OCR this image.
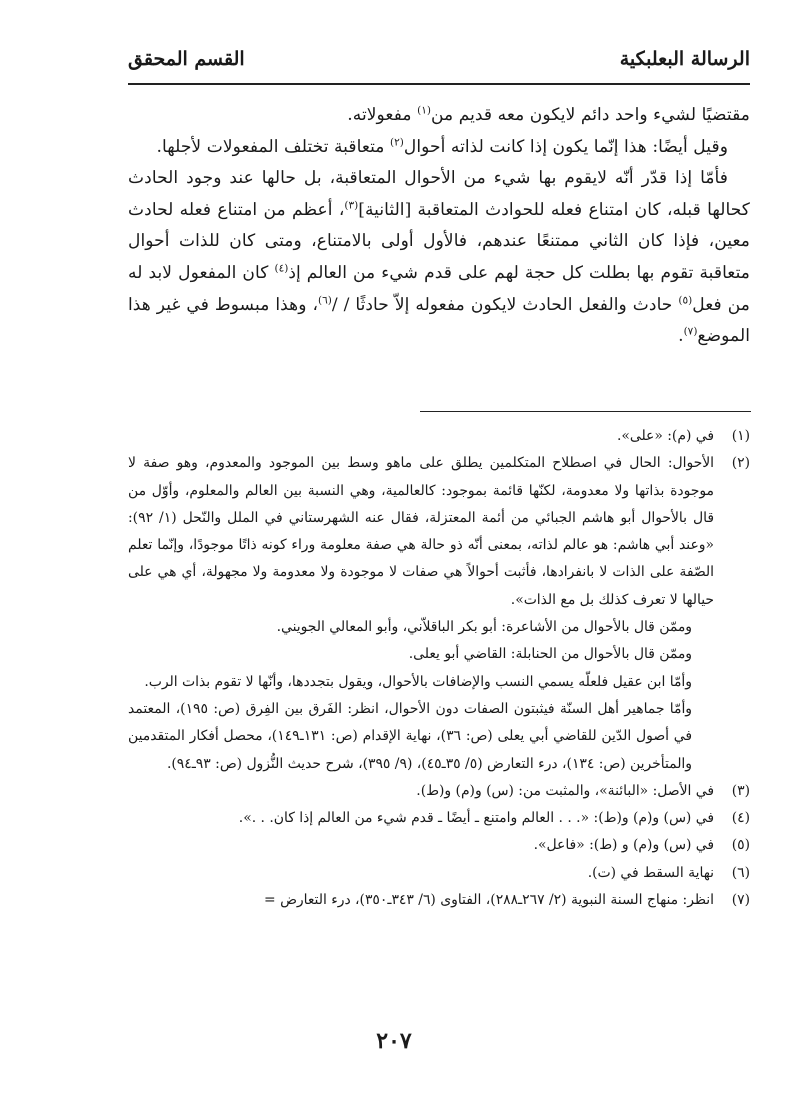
الرسالة البعلبكية
القسم المحقق

مقتضيًا لشيء واحد دائم لايكون معه قديم من$^{(١)}$ مفعولاته.

وقيل أيضًا: هذا إنّما يكون إذا كانت لذاته أحوال$^{(٢)}$ متعاقبة تختلف المفعولات لأجلها.

فأمّا إذا قدّر أنّه لايقوم بها شيء من الأحوال المتعاقبة، بل حالها عند وجود الحادث كحالها قبله، كان امتناع فعله للحوادث المتعاقبة [الثانية]$^{(٣)}$، أعظم من امتناع فعله لحادث معين، فإذا كان الثاني ممتنعًا عندهم، فالأول أولى بالامتناع، ومتى كان للذات أحوال متعاقبة تقوم بها بطلت كل حجة لهم على قدم شيء من العالم إذ$^{(٤)}$ كان المفعول لابد له من فعل$^{(٥)}$ حادث والفعل الحادث لايكون مفعوله إلاّ حادثًا / /$^{(٦)}$، وهذا مبسوط في غير هذا الموضع$^{(٧)}$.

(١)
في (م): «على».
(٢)
الأحوال: الحال في اصطلاح المتكلمين يطلق على ماهو وسط بين الموجود والمعدوم، وهو صفة لا موجودة بذاتها ولا معدومة، لكنّها قائمة بموجود: كالعالمية، وهي النسبة بين العالم والمعلوم، وأوّل من قال بالأحوال أبو هاشم الجبائي من أئمة المعتزلة، فقال عنه الشهرستاني في الملل والنّحل (١/ ٩٢): «وعند أبي هاشم: هو عالم لذاته، بمعنى أنّه ذو حالة هي صفة معلومة وراء كونه ذاتًا موجودًا، وإنّما تعلم الصّفة على الذات لا بانفرادها، فأثبت أحوالاً هي صفات لا موجودة ولا معدومة ولا مجهولة، أي هي على حيالها لا تعرف كذلك بل مع الذات».
وممّن قال بالأحوال من الأشاعرة: أبو بكر الباقلاّني، وأبو المعالي الجويني.
وممّن قال بالأحوال من الحنابلة: القاضي أبو يعلى.
وأمّا ابن عقيل فلعلّه يسمي النسب والإضافات بالأحوال، ويقول بتجددها، وأنّها لا تقوم بذات الرب.
وأمّا جماهير أهل السنّة فيثبتون الصفات دون الأحوال، انظر: الفَرق بين الفِرق (ص: ١٩٥)، المعتمد في أصول الدّين للقاضي أبي يعلى (ص: ٣٦)، نهاية الإقدام (ص: ١٣١ـ١٤٩)، محصل أفكار المتقدمين والمتأخرين (ص: ١٣٤)، درء التعارض (٥/ ٣٥ـ٤٥)، (٩/ ٣٩٥)، شرح حديث النُّزول (ص: ٩٣ـ٩٤).
(٣)
في الأصل: «البائنة»، والمثبت من: (س) و(م) و(ط).
(٤)
في (س) و(م) و(ط): «. . . العالم وامتنع ـ أيضًا ـ قدم شيء من العالم إذا كان. . .».
(٥)
في (س) و(م) و (ط): «فاعل».
(٦)
نهاية السقط في (ت).
(٧)
انظر: منهاج السنة النبوية (٢/ ٢٦٧ـ٢٨٨)، الفتاوى (٦/ ٣٤٣ـ٣٥٠)، درء التعارض =
٢٠٧
